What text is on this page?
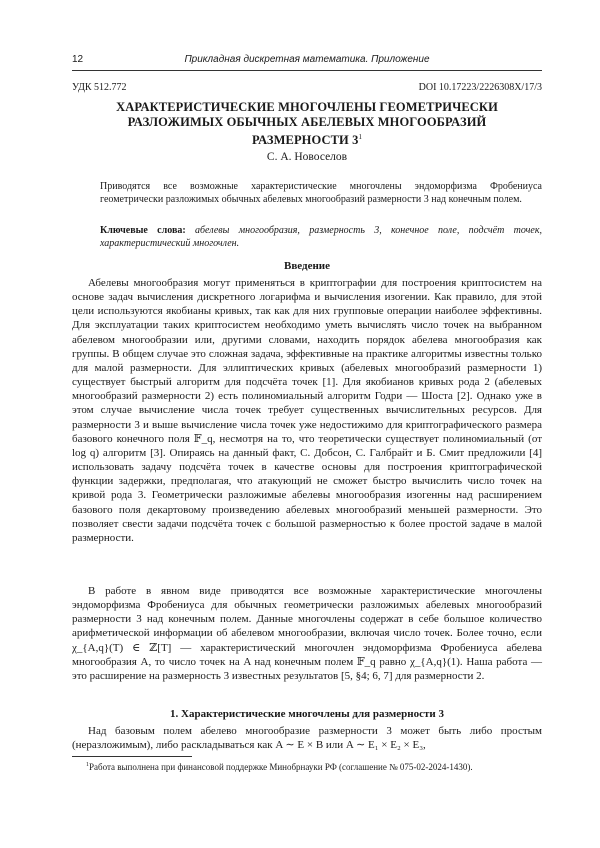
12	Прикладная дискретная математика. Приложение
УДК 512.772	DOI 10.17223/2226308X/17/3
ХАРАКТЕРИСТИЧЕСКИЕ МНОГОЧЛЕНЫ ГЕОМЕТРИЧЕСКИ РАЗЛОЖИМЫХ ОБЫЧНЫХ АБЕЛЕВЫХ МНОГООБРАЗИЙ РАЗМЕРНОСТИ $3^1$
С. А. Новоселов
Приводятся все возможные характеристические многочлены эндоморфизма Фробениуса геометрически разложимых обычных абелевых многообразий размерности 3 над конечным полем.
Ключевые слова: абелевы многообразия, размерность 3, конечное поле, подсчёт точек, характеристический многочлен.
Введение

Абелевы многообразия могут применяться в криптографии для построения криптосистем на основе задач вычисления дискретного логарифма и вычисления изогении. Как правило, для этой цели используются якобианы кривых, так как для них групповые операции наиболее эффективны. Для эксплуатации таких криптосистем необходимо уметь вычислять число точек на выбранном абелевом многообразии или, другими словами, находить порядок абелева многообразия как группы. В общем случае это сложная задача, эффективные на практике алгоритмы известны только для малой размерности. Для эллиптических кривых (абелевых многообразий размерности 1) существует быстрый алгоритм для подсчёта точек [1]. Для якобианов кривых рода 2 (абелевых многообразий размерности 2) есть полиномиальный алгоритм Годри — Шоста [2]. Однако уже в этом случае вычисление числа точек требует существенных вычислительных ресурсов. Для размерности 3 и выше вычисление числа точек уже недостижимо для криптографического размера базового конечного поля 𝔽_q, несмотря на то, что теоретически существует полиномиальный (от log q) алгоритм [3]. Опираясь на данный факт, С. Добсон, С. Галбрайт и Б. Смит предложили [4] использовать задачу подсчёта точек в качестве основы для построения криптографической функции задержки, предполагая, что атакующий не сможет быстро вычислить число точек на кривой рода 3. Геометрически разложимые абелевы многообразия изогенны над расширением базового поля декартовому произведению абелевых многообразий меньшей размерности. Это позволяет свести задачи подсчёта точек с большой размерностью к более простой задаче в малой размерности.

В работе в явном виде приводятся все возможные характеристические многочлены эндоморфизма Фробениуса для обычных геометрически разложимых абелевых многообразий размерности 3 над конечным полем. Данные многочлены содержат в себе большое количество арифметической информации об абелевом многообразии, включая число точек. Более точно, если χ_{A,q}(T) ∈ ℤ[T] — характеристический многочлен эндоморфизма Фробениуса абелева многообразия A, то число точек на A над конечным полем 𝔽_q равно χ_{A,q}(1). Наша работа — это расширение на размерность 3 известных результатов [5, §4; 6, 7] для размерности 2.

1. Характеристические многочлены для размерности 3

Над базовым полем абелево многообразие размерности 3 может быть либо простым (неразложимым), либо раскладываться как A ∼ E × B или A ∼ E₁ × E₂ × E₃,

$^1$Работа выполнена при финансовой поддержке Минобрнауки РФ (соглашение № 075-02-2024-1430).
